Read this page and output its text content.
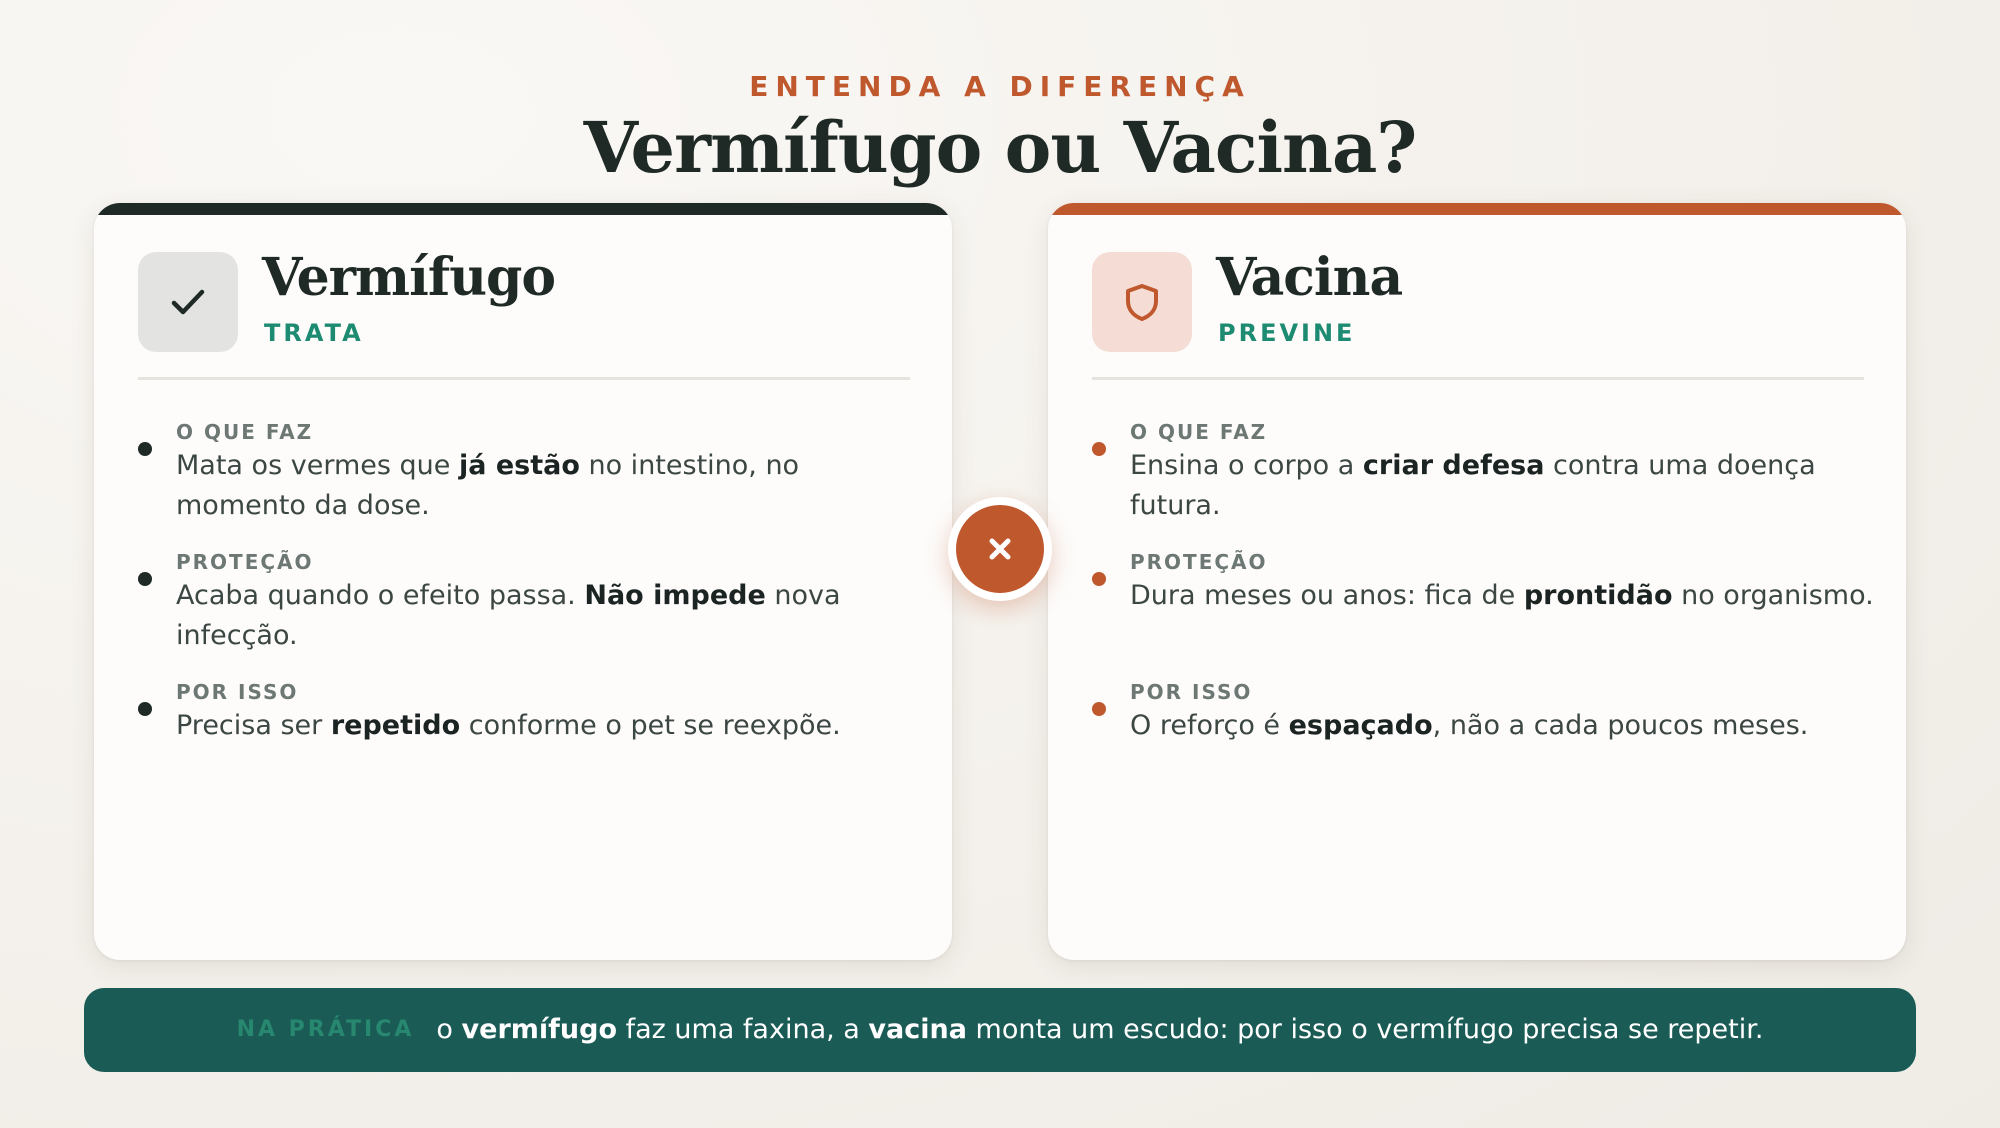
ENTENDA A DIFERENÇA
Vermífugo ou Vacina?
Vermífugo
TRATA
O QUE FAZ
Mata os vermes que já estão no intestino, no momento da dose.
PROTEÇÃO
Acaba quando o efeito passa. Não impede nova infecção.
POR ISSO
Precisa ser repetido conforme o pet se reexpõe.
Vacina
PREVINE
O QUE FAZ
Ensina o corpo a criar defesa contra uma doença futura.
PROTEÇÃO
Dura meses ou anos: fica de prontidão no organismo.
POR ISSO
O reforço é espaçado, não a cada poucos meses.
NA PRÁTICA o vermífugo faz uma faxina, a vacina monta um escudo: por isso o vermífugo precisa se repetir.
